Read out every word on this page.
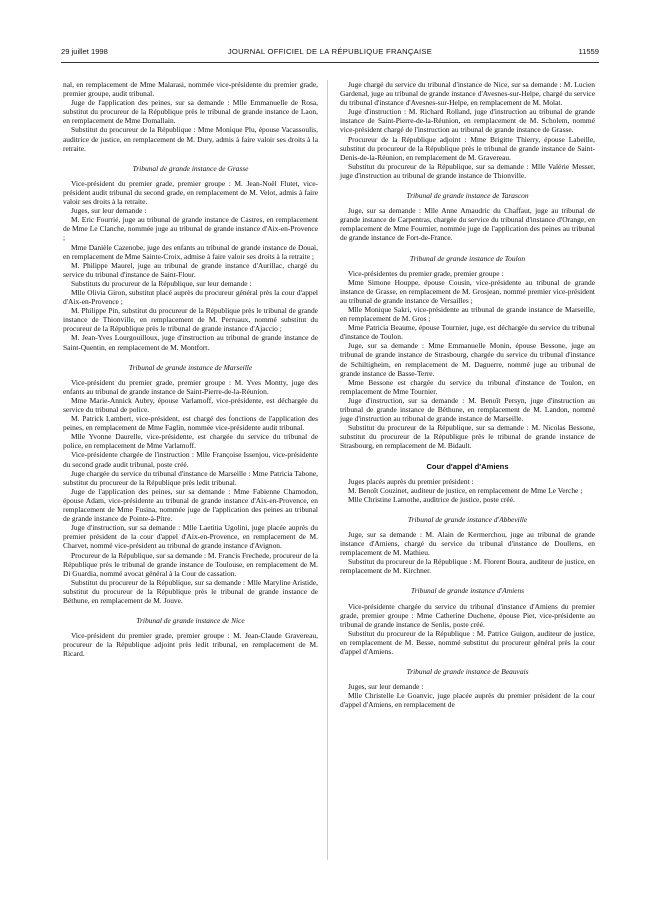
29 juillet 1998	JOURNAL OFFICIEL DE LA RÉPUBLIQUE FRANÇAISE	11559

nal, en remplacement de Mme Malarasi, nommée vice-présidente du premier grade, premier groupe, audit tribunal.

Juge de l'application des peines, sur sa demande : Mlle Emmanuelle de Rosa, substitut du procureur de la République près le tribunal de grande instance de Laon, en remplacement de Mme Domallain.

Substitut du procureur de la République : Mme Monique Plu, épouse Vacassoulis, auditrice de justice, en remplacement de M. Dury, admis à faire valoir ses droits à la retraite.

Tribunal de grande instance de Grasse

Vice-président du premier grade, premier groupe : M. Jean-Noël Flutet, vice-président audit tribunal du second grade, en remplacement de M. Velot, admis à faire valoir ses droits à la retraite.

Juges, sur leur demande :

M. Eric Fourrié, juge au tribunal de grande instance de Castres, en remplacement de Mme Le Clanche, nommée juge au tribunal de grande instance d'Aix-en-Provence ;

Mme Danièle Cazenobe, juge des enfants au tribunal de grande instance de Douai, en remplacement de Mme Sainte-Croix, admise à faire valoir ses droits à la retraite ;

M. Philippe Maurel, juge au tribunal de grande instance d'Aurillac, chargé du service du tribunal d'instance de Saint-Flour.

Substituts du procureur de la République, sur leur demande :

Mlle Olivia Giron, substitut placé auprès du procureur général près la cour d'appel d'Aix-en-Provence ;

M. Philippe Pin, substitut du procureur de la République près le tribunal de grande instance de Thionville, en remplacement de M. Perruaux, nommé substitut du procureur de la République près le tribunal de grande instance d'Ajaccio ;

M. Jean-Yves Lourgouilloux, juge d'instruction au tribunal de grande instance de Saint-Quentin, en remplacement de M. Montfort.

Tribunal de grande instance de Marseille

Vice-président du premier grade, premier groupe : M. Yves Montty, juge des enfants au tribunal de grande instance de Saint-Pierre-de-la-Réunion.

Mme Marie-Annick Aubry, épouse Varlamoff, vice-présidente, est déchargée du service du tribunal de police.

M. Patrick Lambert, vice-président, est chargé des fonctions de l'application des peines, en remplacement de Mme Faglin, nommée vice-présidente audit tribunal.

Mlle Yvonne Daurelle, vice-présidente, est chargée du service du tribunal de police, en remplacement de Mme Varlamoff.

Vice-présidente chargée de l'instruction : Mlle Françoise Issenjou, vice-présidente du second grade audit tribunal, poste créé.

Juge chargée du service du tribunal d'instance de Marseille : Mme Patricia Tabone, substitut du procureur de la République près ledit tribunal.

Juge de l'application des peines, sur sa demande : Mme Fabienne Chamodon, épouse Adam, vice-présidente au tribunal de grande instance d'Aix-en-Provence, en remplacement de Mme Fusina, nommée juge de l'application des peines au tribunal de grande instance de Pointe-à-Pitre.

Juge d'instruction, sur sa demande : Mlle Laetitia Ugolini, juge placée auprès du premier président de la cour d'appel d'Aix-en-Provence, en remplacement de M. Charvet, nommé vice-président au tribunal de grande instance d'Avignon.

Procureur de la République, sur sa demande : M. Francis Frechede, procureur de la République près le tribunal de grande instance de Toulouse, en remplacement de M. Di Guardia, nommé avocat général à la Cour de cassation.

Substitut du procureur de la République, sur sa demande : Mlle Maryline Aristide, substitut du procureur de la République près le tribunal de grande instance de Béthune, en remplacement de M. Jouve.

Tribunal de grande instance de Nice

Vice-président du premier grade, premier groupe : M. Jean-Claude Gravereau, procureur de la République adjoint près ledit tribunal, en remplacement de M. Ricard.

Juge chargé du service du tribunal d'instance de Nice, sur sa demande : M. Lucien Gardenal, juge au tribunal de grande instance d'Avesnes-sur-Helpe, chargé du service du tribunal d'instance d'Avesnes-sur-Helpe, en remplacement de M. Molat.

Juge d'instruction : M. Richard Rolland, juge d'instruction au tribunal de grande instance de Saint-Pierre-de-la-Réunion, en remplacement de M. Scholem, nommé vice-président chargé de l'instruction au tribunal de grande instance de Grasse.

Procureur de la République adjoint : Mme Brigitte Thierry, épouse Labeille, substitut du procureur de la République près le tribunal de grande instance de Saint-Denis-de-la-Réunion, en remplacement de M. Gravereau.

Substitut du procureur de la République, sur sa demande : Mlle Valérie Messer, juge d'instruction au tribunal de grande instance de Thionville.

Tribunal de grande instance de Tarascon

Juge, sur sa demande : Mlle Anne Amaudric du Chaffaut, juge au tribunal de grande instance de Carpentras, chargée du service du tribunal d'instance d'Orange, en remplacement de Mme Fournier, nommée juge de l'application des peines au tribunal de grande instance de Fort-de-France.

Tribunal de grande instance de Toulon

Vice-présidentes du premier grade, premier groupe :

Mme Simone Houppe, épouse Cousin, vice-présidente au tribunal de grande instance de Grasse, en remplacement de M. Grosjean, nommé premier vice-président au tribunal de grande instance de Versailles ;

Mlle Monique Sakri, vice-présidente au tribunal de grande instance de Marseille, en remplacement de M. Gros ;

Mme Patricia Beaume, épouse Tournier, juge, est déchargée du service du tribunal d'instance de Toulon.

Juge, sur sa demande : Mme Emmanuelle Monin, épouse Bessone, juge au tribunal de grande instance de Strasbourg, chargée du service du tribunal d'instance de Schiltigheim, en remplacement de M. Daguerre, nommé juge au tribunal de grande instance de Basse-Terre.

Mme Bessone est chargée du service du tribunal d'instance de Toulon, en remplacement de Mme Tournier.

Juge d'instruction, sur sa demande : M. Benoît Persyn, juge d'instruction au tribunal de grande instance de Béthune, en remplacement de M. Landon, nommé juge d'instruction au tribunal de grande instance de Marseille.

Substitut du procureur de la République, sur sa demande : M. Nicolas Bessone, substitut du procureur de la République près le tribunal de grande instance de Strasbourg, en remplacement de M. Bidault.

Cour d'appel d'Amiens

Juges placés auprès du premier président :

M. Benoît Couzinet, auditeur de justice, en remplacement de Mme Le Verche ;

Mlle Christine Lamothe, auditrice de justice, poste créé.

Tribunal de grande instance d'Abbeville

Juge, sur sa demande : M. Alain de Kermerchou, juge au tribunal de grande instance d'Amiens, chargé du service du tribunal d'instance de Doullens, en remplacement de M. Mathieu.

Substitut du procureur de la République : M. Florent Boura, auditeur de justice, en remplacement de M. Kirchner.

Tribunal de grande instance d'Amiens

Vice-présidente chargée du service du tribunal d'instance d'Amiens du premier grade, premier groupe : Mme Catherine Duchene, épouse Piet, vice-présidente au tribunal de grande instance de Senlis, poste créé.

Substitut du procureur de la République : M. Patrice Guigon, auditeur de justice, en remplacement de M. Besse, nommé substitut du procureur général près la cour d'appel d'Amiens.

Tribunal de grande instance de Beauvais

Juges, sur leur demande :

Mlle Christelle Le Goanvic, juge placée auprès du premier président de la cour d'appel d'Amiens, en remplacement de
